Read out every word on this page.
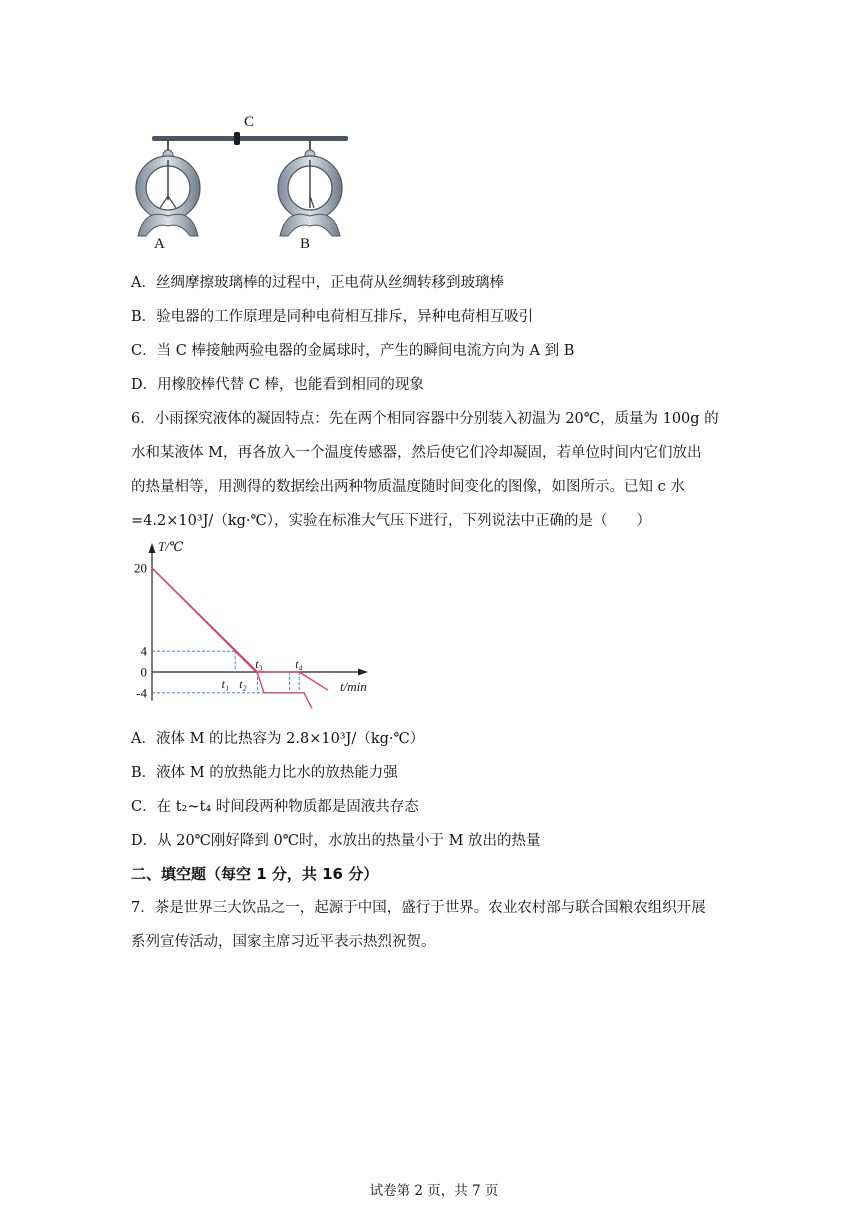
C
A	B
A．丝绸摩擦玻璃棒的过程中，正电荷从丝绸转移到玻璃棒
B．验电器的工作原理是同种电荷相互排斥，异种电荷相互吸引
C．当 C 棒接触两验电器的金属球时，产生的瞬间电流方向为 A 到 B
D．用橡胶棒代替 C 棒，也能看到相同的现象
6．小雨探究液体的凝固特点：先在两个相同容器中分别装入初温为 20℃，质量为 100g 的
水和某液体 M，再各放入一个温度传感器，然后使它们冷却凝固，若单位时间内它们放出
的热量相等，用测得的数据绘出两种物质温度随时间变化的图像，如图所示。已知 c 水
=4.2×10³J/（kg·℃），实验在标准大气压下进行，下列说法中正确的是（　　）
T/℃
t/min
20
4
0
-4
t₁ t₂
t₃	t₄
A．液体 M 的比热容为 2.8×10³J/（kg·℃）
B．液体 M 的放热能力比水的放热能力强
C．在 t₂~t₄ 时间段两种物质都是固液共存态
D．从 20℃刚好降到 0℃时，水放出的热量小于 M 放出的热量
二、填空题（每空 1 分，共 16 分）
7．茶是世界三大饮品之一，起源于中国，盛行于世界。农业农村部与联合国粮农组织开展
系列宣传活动，国家主席习近平表示热烈祝贺。
试卷第 2 页，共 7 页
